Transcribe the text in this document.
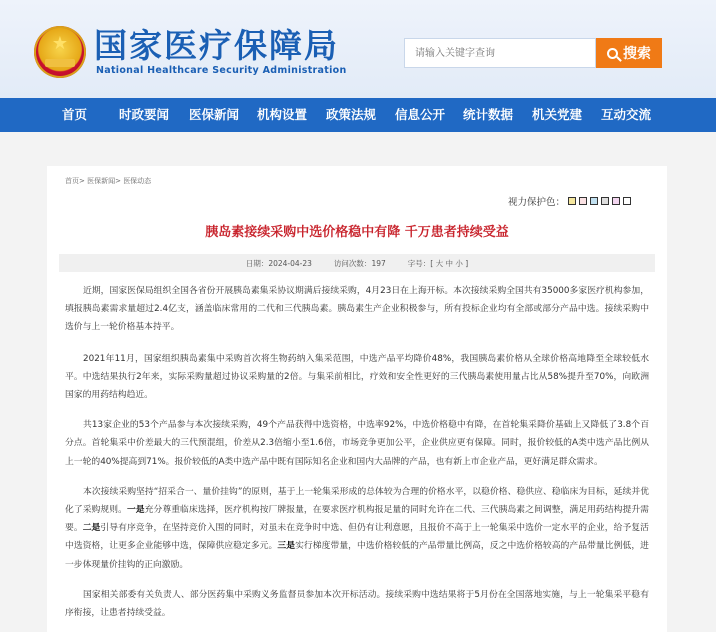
★ 国家医疗保障局
National Healthcare Security Administration
请输入关键字查询
搜索
首页	时政要闻 医保新闻 机构设置 政策法规 信息公开 统计数据 机关党建 互动交流
首页> 医保新闻> 医保动态
视力保护色：
胰岛素接续采购中选价格稳中有降 千万患者持续受益
日期：2024-04-23	访问次数：197	字号：[ 大 中 小 ]

近期，国家医保局组织全国各省份开展胰岛素集采协议期满后接续采购，4月23日在上海开标。本次接续采购全国共有35000多家医疗机构参加，填报胰岛素需求量超过2.4亿支，涵盖临床常用的二代和三代胰岛素。胰岛素生产企业积极参与，所有投标企业均有全部或部分产品中选。接续采购中选价与上一轮价格基本持平。

2021年11月，国家组织胰岛素集中采购首次将生物药纳入集采范围，中选产品平均降价48%，我国胰岛素价格从全球价格高地降至全球较低水平。中选结果执行2年来，实际采购量超过协议采购量的2倍。与集采前相比，疗效和安全性更好的三代胰岛素使用量占比从58%提升至70%，向欧洲国家的用药结构趋近。

共13家企业的53个产品参与本次接续采购，49个产品获得中选资格，中选率92%，中选价格稳中有降，在首轮集采降价基础上又降低了3.8个百分点。首轮集采中价差最大的三代预混组，价差从2.3倍缩小至1.6倍，市场竞争更加公平，企业供应更有保障。同时，报价较低的A类中选产品比例从上一轮的40%提高到71%。报价较低的A类中选产品中既有国际知名企业和国内大品牌的产品，也有新上市企业产品，更好满足群众需求。

本次接续采购坚持“招采合一、量价挂钩”的原则，基于上一轮集采形成的总体较为合理的价格水平，以稳价格、稳供应、稳临床为目标，延续并优化了采购规则。一是充分尊重临床选择，医疗机构按厂牌报量，在要求医疗机构报足量的同时允许在二代、三代胰岛素之间调整，满足用药结构提升需要。二是引导有序竞争，在坚持竞价入围的同时，对虽未在竞争时中选、但仍有让利意愿，且报价不高于上一轮集采中选价一定水平的企业，给予复活中选资格，让更多企业能够中选，保障供应稳定多元。三是实行梯度带量，中选价格较低的产品带量比例高，反之中选价格较高的产品带量比例低，进一步体现量价挂钩的正向激励。

国家相关部委有关负责人、部分医药集中采购义务监督员参加本次开标活动。接续采购中选结果将于5月份在全国落地实施，与上一轮集采平稳有序衔接，让患者持续受益。
